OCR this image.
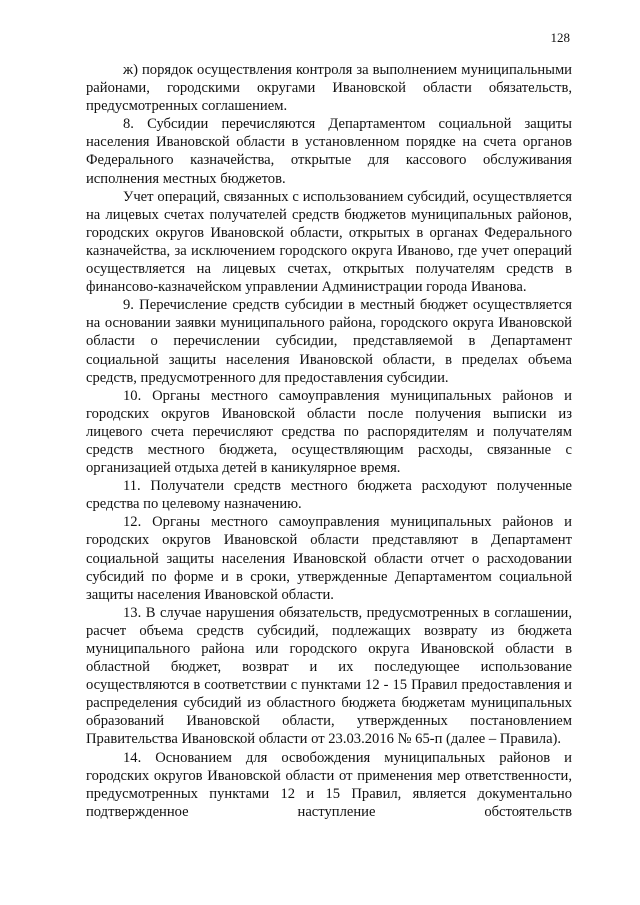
128

ж) порядок осуществления контроля за выполнением муниципальными районами, городскими округами Ивановской области обязательств, предусмотренных соглашением.

8. Субсидии перечисляются Департаментом социальной защиты населения Ивановской области в установленном порядке на счета органов Федерального казначейства, открытые для кассового обслуживания исполнения местных бюджетов.

Учет операций, связанных с использованием субсидий, осуществляется на лицевых счетах получателей средств бюджетов муниципальных районов, городских округов Ивановской области, открытых в органах Федерального казначейства, за исключением городского округа Иваново, где учет операций осуществляется на лицевых счетах, открытых получателям средств в финансово-казначейском управлении Администрации города Иванова.

9. Перечисление средств субсидии в местный бюджет осуществляется на основании заявки муниципального района, городского округа Ивановской области о перечислении субсидии, представляемой в Департамент социальной защиты населения Ивановской области, в пределах объема средств, предусмотренного для предоставления субсидии.

10. Органы местного самоуправления муниципальных районов и городских округов Ивановской области после получения выписки из лицевого счета перечисляют средства по распорядителям и получателям средств местного бюджета, осуществляющим расходы, связанные с организацией отдыха детей в каникулярное время.

11. Получатели средств местного бюджета расходуют полученные средства по целевому назначению.

12. Органы местного самоуправления муниципальных районов и городских округов Ивановской области представляют в Департамент социальной защиты населения Ивановской области отчет о расходовании субсидий по форме и в сроки, утвержденные Департаментом социальной защиты населения Ивановской области.

13. В случае нарушения обязательств, предусмотренных в соглашении, расчет объема средств субсидий, подлежащих возврату из бюджета муниципального района или городского округа Ивановской области в областной бюджет, возврат и их последующее использование осуществляются в соответствии с пунктами 12 - 15 Правил предоставления и распределения субсидий из областного бюджета бюджетам муниципальных образований Ивановской области, утвержденных постановлением Правительства Ивановской области от 23.03.2016 № 65-п (далее – Правила).

14. Основанием для освобождения муниципальных районов и городских округов Ивановской области от применения мер ответственности, предусмотренных пунктами 12 и 15 Правил, является документально подтвержденное наступление обстоятельств
